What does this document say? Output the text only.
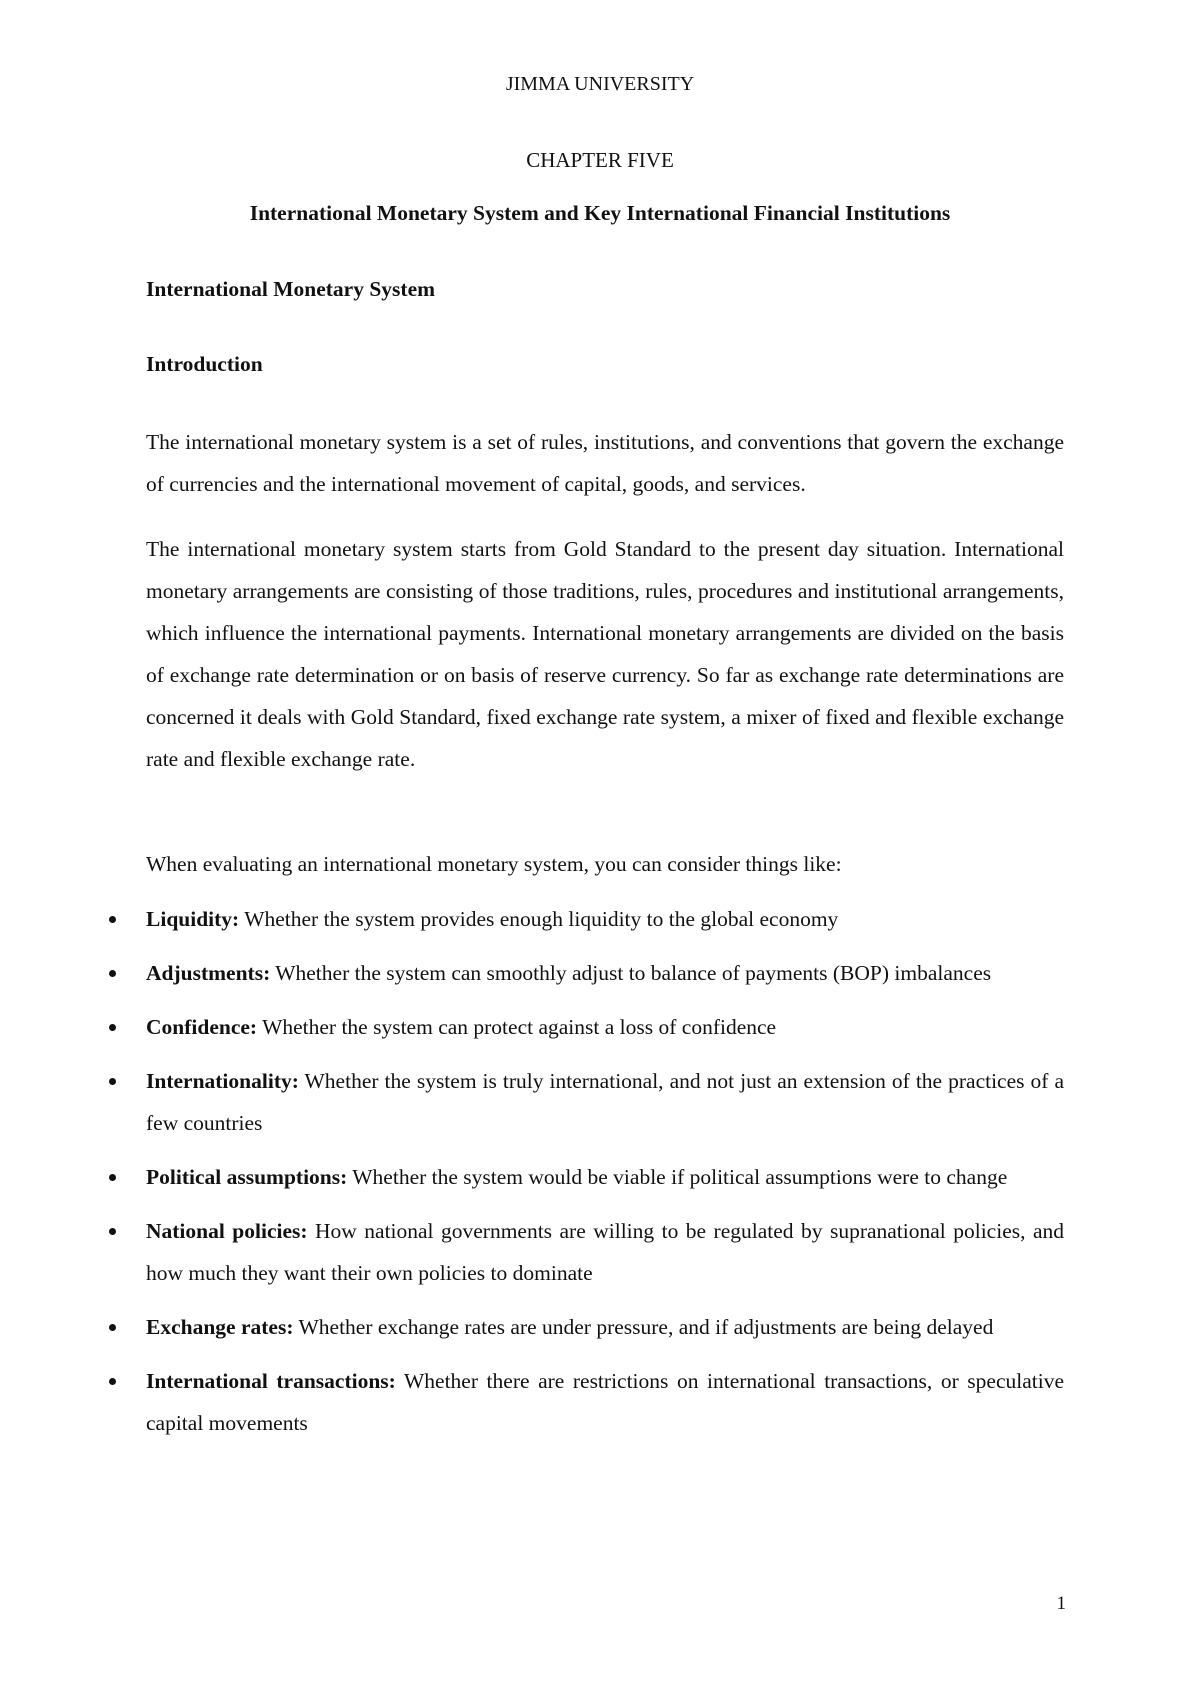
JIMMA UNIVERSITY
CHAPTER FIVE
International Monetary System and Key International Financial Institutions
International Monetary System
Introduction

The international monetary system is a set of rules, institutions, and conventions that govern the exchange of currencies and the international movement of capital, goods, and services.

The international monetary system starts from Gold Standard to the present day situation. International monetary arrangements are consisting of those traditions, rules, procedures and institutional arrangements, which influence the international payments. International monetary arrangements are divided on the basis of exchange rate determination or on basis of reserve currency. So far as exchange rate determinations are concerned it deals with Gold Standard, fixed exchange rate system, a mixer of fixed and flexible exchange rate and flexible exchange rate.

When evaluating an international monetary system, you can consider things like:

Liquidity: Whether the system provides enough liquidity to the global economy
Adjustments: Whether the system can smoothly adjust to balance of payments (BOP) imbalances
Confidence: Whether the system can protect against a loss of confidence
Internationality: Whether the system is truly international, and not just an extension of the practices of a few countries
Political assumptions: Whether the system would be viable if political assumptions were to change
National policies: How national governments are willing to be regulated by supranational policies, and how much they want their own policies to dominate
Exchange rates: Whether exchange rates are under pressure, and if adjustments are being delayed
International transactions: Whether there are restrictions on international transactions, or speculative capital movements
1
